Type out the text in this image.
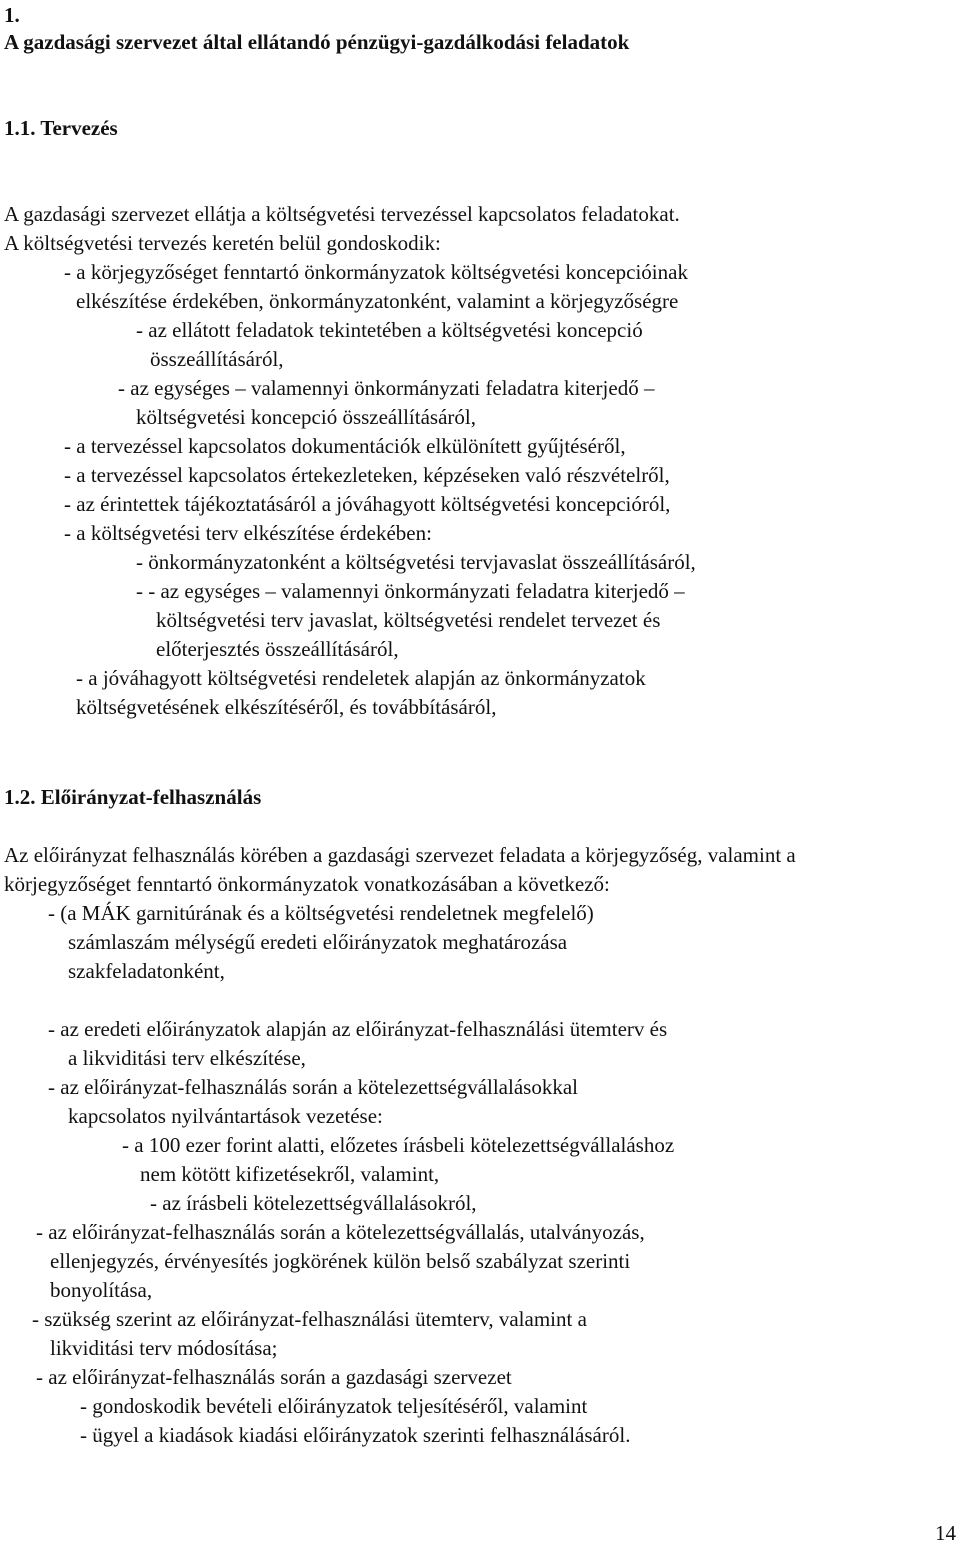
1.
A gazdasági szervezet által ellátandó pénzügyi-gazdálkodási feladatok
1.1. Tervezés
A gazdasági szervezet ellátja a költségvetési tervezéssel kapcsolatos feladatokat.
A költségvetési tervezés keretén belül gondoskodik:
- a körjegyzőséget fenntartó önkormányzatok költségvetési koncepcióinak
elkészítése érdekében, önkormányzatonként, valamint a körjegyzőségre
- az ellátott feladatok tekintetében a költségvetési koncepció
összeállításáról,
- az egységes – valamennyi önkormányzati feladatra kiterjedő –
költségvetési koncepció összeállításáról,
- a tervezéssel kapcsolatos dokumentációk elkülönített gyűjtéséről,
- a tervezéssel kapcsolatos értekezleteken, képzéseken való részvételről,
- az érintettek tájékoztatásáról a jóváhagyott költségvetési koncepcióról,
- a költségvetési terv elkészítése érdekében:
- önkormányzatonként a költségvetési tervjavaslat összeállításáról,
- - az egységes – valamennyi önkormányzati feladatra kiterjedő –
költségvetési terv javaslat, költségvetési rendelet tervezet és
előterjesztés összeállításáról,
- a jóváhagyott költségvetési rendeletek alapján az önkormányzatok
költségvetésének elkészítéséről, és továbbításáról,
1.2. Előirányzat-felhasználás
Az előirányzat felhasználás körében a gazdasági szervezet feladata a körjegyzőség, valamint a
körjegyzőséget fenntartó önkormányzatok vonatkozásában a következő:
- (a MÁK garnitúrának és a költségvetési rendeletnek megfelelő)
számlaszám mélységű eredeti előirányzatok meghatározása
szakfeladatonként,
- az eredeti előirányzatok alapján az előirányzat-felhasználási ütemterv és
a likviditási terv elkészítése,
- az előirányzat-felhasználás során a kötelezettségvállalásokkal
kapcsolatos nyilvántartások vezetése:
- a 100 ezer forint alatti, előzetes írásbeli kötelezettségvállaláshoz
nem kötött kifizetésekről, valamint,
- az írásbeli kötelezettségvállalásokról,
- az előirányzat-felhasználás során a kötelezettségvállalás, utalványozás,
ellenjegyzés, érvényesítés jogkörének külön belső szabályzat szerinti
bonyolítása,
- szükség szerint az előirányzat-felhasználási ütemterv, valamint a
likviditási terv módosítása;
- az előirányzat-felhasználás során a gazdasági szervezet
- gondoskodik bevételi előirányzatok teljesítéséről, valamint
- ügyel a kiadások kiadási előirányzatok szerinti felhasználásáról.
14
